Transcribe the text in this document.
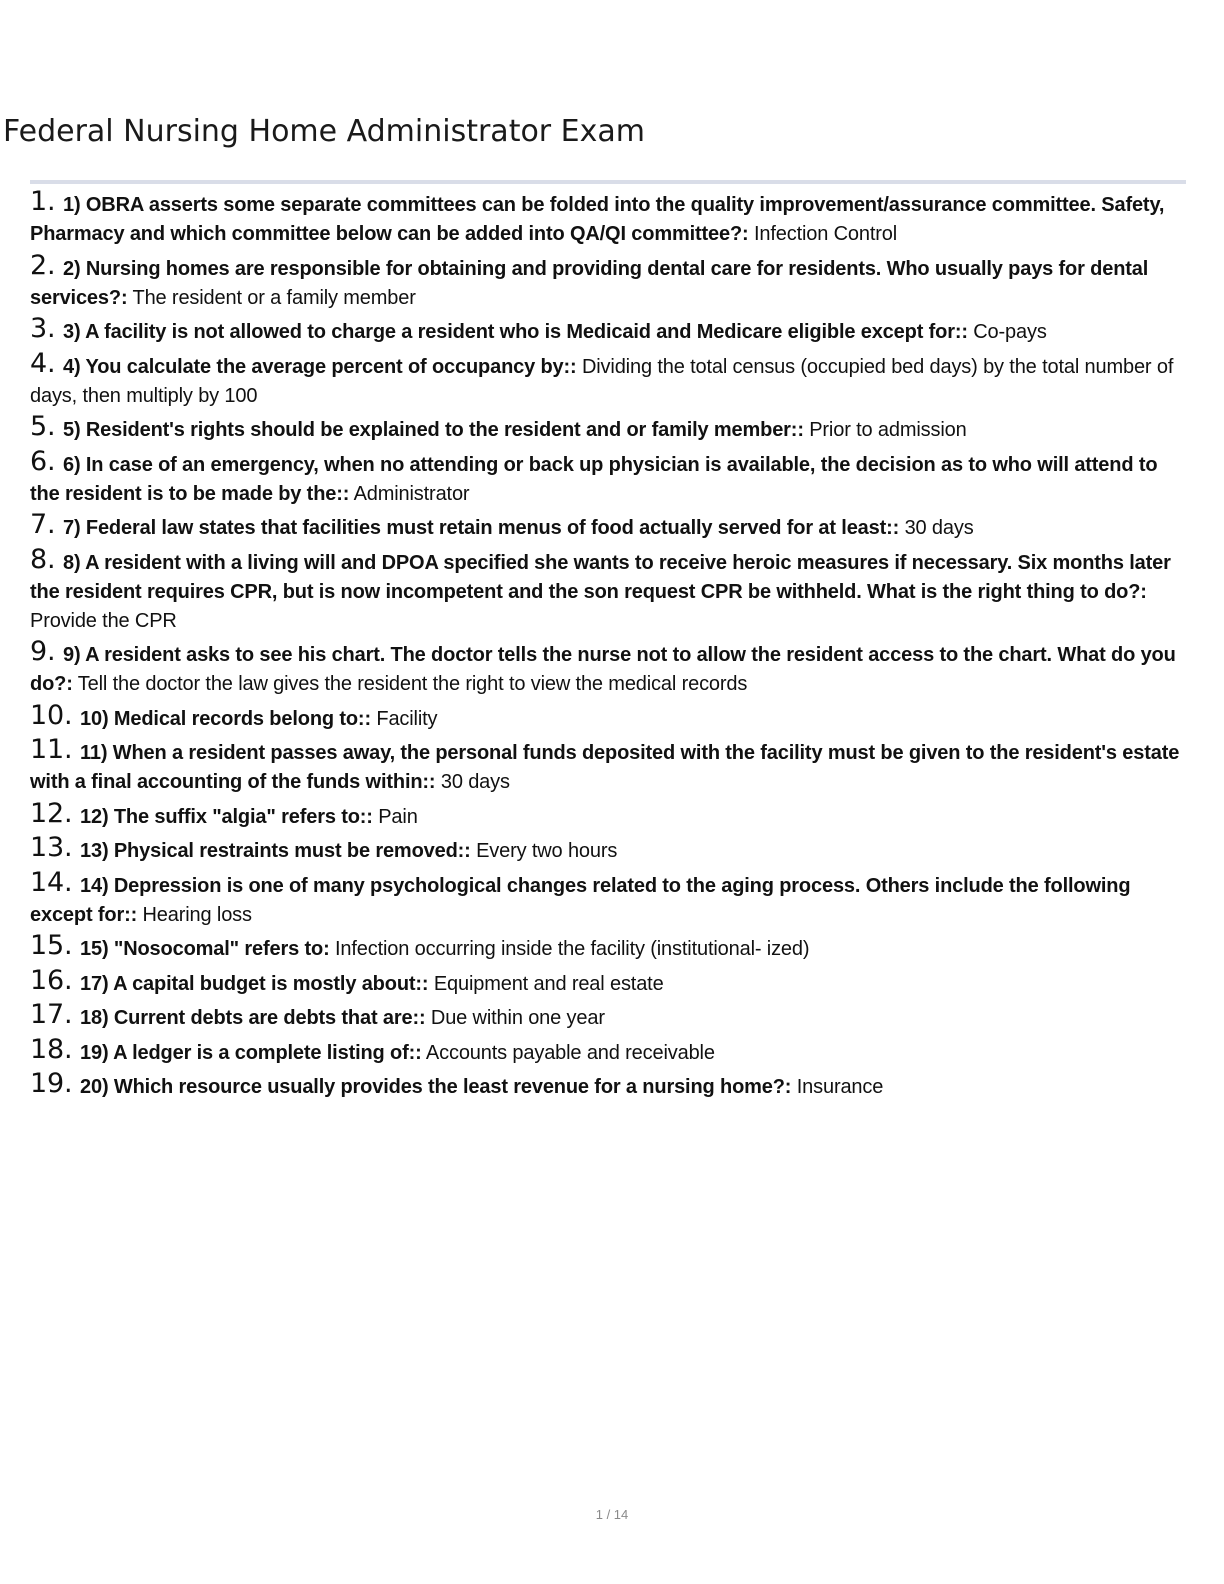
Federal Nursing Home Administrator Exam
1. 1) OBRA asserts some separate committees can be folded into the quality improvement/assurance committee. Safety, Pharmacy and which committee below can be added into QA/QI committee?: Infection Control
2. 2) Nursing homes are responsible for obtaining and providing dental care for residents. Who usually pays for dental services?: The resident or a family member
3. 3) A facility is not allowed to charge a resident who is Medicaid and Medicare eligible except for:: Co-pays
4. 4) You calculate the average percent of occupancy by:: Dividing the total census (occupied bed days) by the total number of days, then multiply by 100
5. 5) Resident's rights should be explained to the resident and or family member:: Prior to admission
6. 6) In case of an emergency, when no attending or back up physician is available, the decision as to who will attend to the resident is to be made by the:: Administrator
7. 7) Federal law states that facilities must retain menus of food actually served for at least:: 30 days
8. 8) A resident with a living will and DPOA specified she wants to receive heroic measures if necessary. Six months later the resident requires CPR, but is now incompetent and the son request CPR be withheld. What is the right thing to do?: Provide the CPR
9. 9) A resident asks to see his chart. The doctor tells the nurse not to allow the resident access to the chart. What do you do?: Tell the doctor the law gives the resident the right to view the medical records
10. 10) Medical records belong to:: Facility
11. 11) When a resident passes away, the personal funds deposited with the facility must be given to the resident's estate with a final accounting of the funds within:: 30 days
12. 12) The suffix "algia" refers to:: Pain
13. 13) Physical restraints must be removed:: Every two hours
14. 14) Depression is one of many psychological changes related to the aging process. Others include the following except for:: Hearing loss
15. 15) "Nosocomal" refers to: Infection occurring inside the facility (institutional- ized)
16. 17) A capital budget is mostly about:: Equipment and real estate
17. 18) Current debts are debts that are:: Due within one year
18. 19) A ledger is a complete listing of:: Accounts payable and receivable
19. 20) Which resource usually provides the least revenue for a nursing home?: Insurance
1 / 14
